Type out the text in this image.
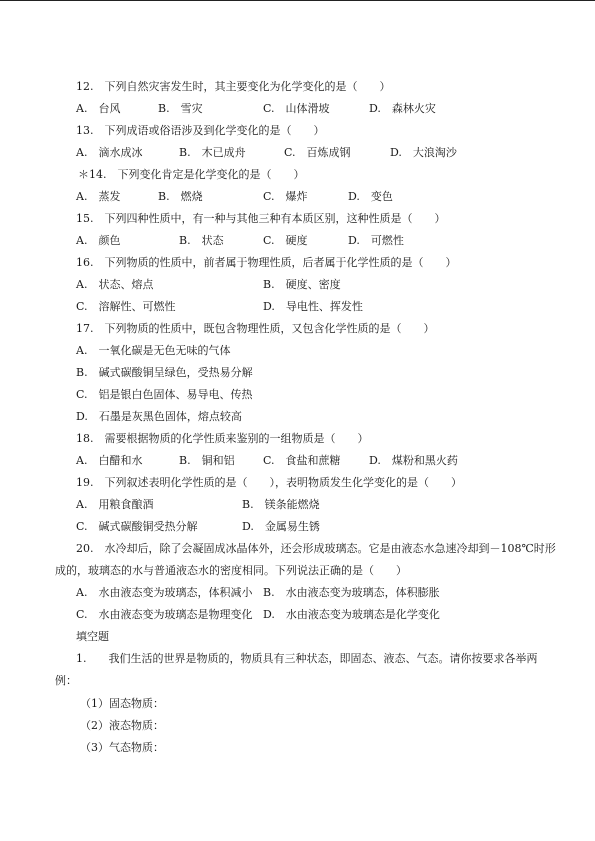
12.　下列自然灾害发生时，其主要变化为化学变化的是（　　）
A.　台风	B.　雪灾	C.　山体滑坡	D.　森林火灾
13.　下列成语或俗语涉及到化学变化的是（　　）
A.　滴水成冰	B.　木已成舟	C.　百炼成钢	D.　大浪淘沙
＊14.　下列变化肯定是化学变化的是（　　）
A.　蒸发	B.　燃烧	C.　爆炸	D.　变色
15.　下列四种性质中，有一种与其他三种有本质区别，这种性质是（　　）
A.　颜色	B.　状态	C.　硬度	D.　可燃性
16.　下列物质的性质中，前者属于物理性质，后者属于化学性质的是（　　）
A.　状态、熔点	B.　硬度、密度
C.　溶解性、可燃性	D.　导电性、挥发性
17.　下列物质的性质中，既包含物理性质，又包含化学性质的是（　　）
A.　一氧化碳是无色无味的气体
B.　碱式碳酸铜呈绿色，受热易分解
C.　铝是银白色固体、易导电、传热
D.　石墨是灰黑色固体，熔点较高
18.　需要根据物质的化学性质来鉴别的一组物质是（　　）
A.　白醋和水	B.　铜和铝	C.　食盐和蔗糖	D.　煤粉和黑火药
19.　下列叙述表明化学性质的是（　　），表明物质发生化学变化的是（　　）
A.　用粮食酿酒	B.　镁条能燃烧
C.　碱式碳酸铜受热分解	D.　金属易生锈
20.　水冷却后，除了会凝固成冰晶体外，还会形成玻璃态。它是由液态水急速冷却到－108℃时形
成的，玻璃态的水与普通液态水的密度相同。下列说法正确的是（　　）
A.　水由液态变为玻璃态，体积减小 B.　水由液态变为玻璃态，体积膨胀
C.　水由液态变为玻璃态是物理变化 D.　水由液态变为玻璃态是化学变化
填空题
1.　　我们生活的世界是物质的，物质具有三种状态，即固态、液态、气态。请你按要求各举两
例：
（1）固态物质：
（2）液态物质：
（3）气态物质：
